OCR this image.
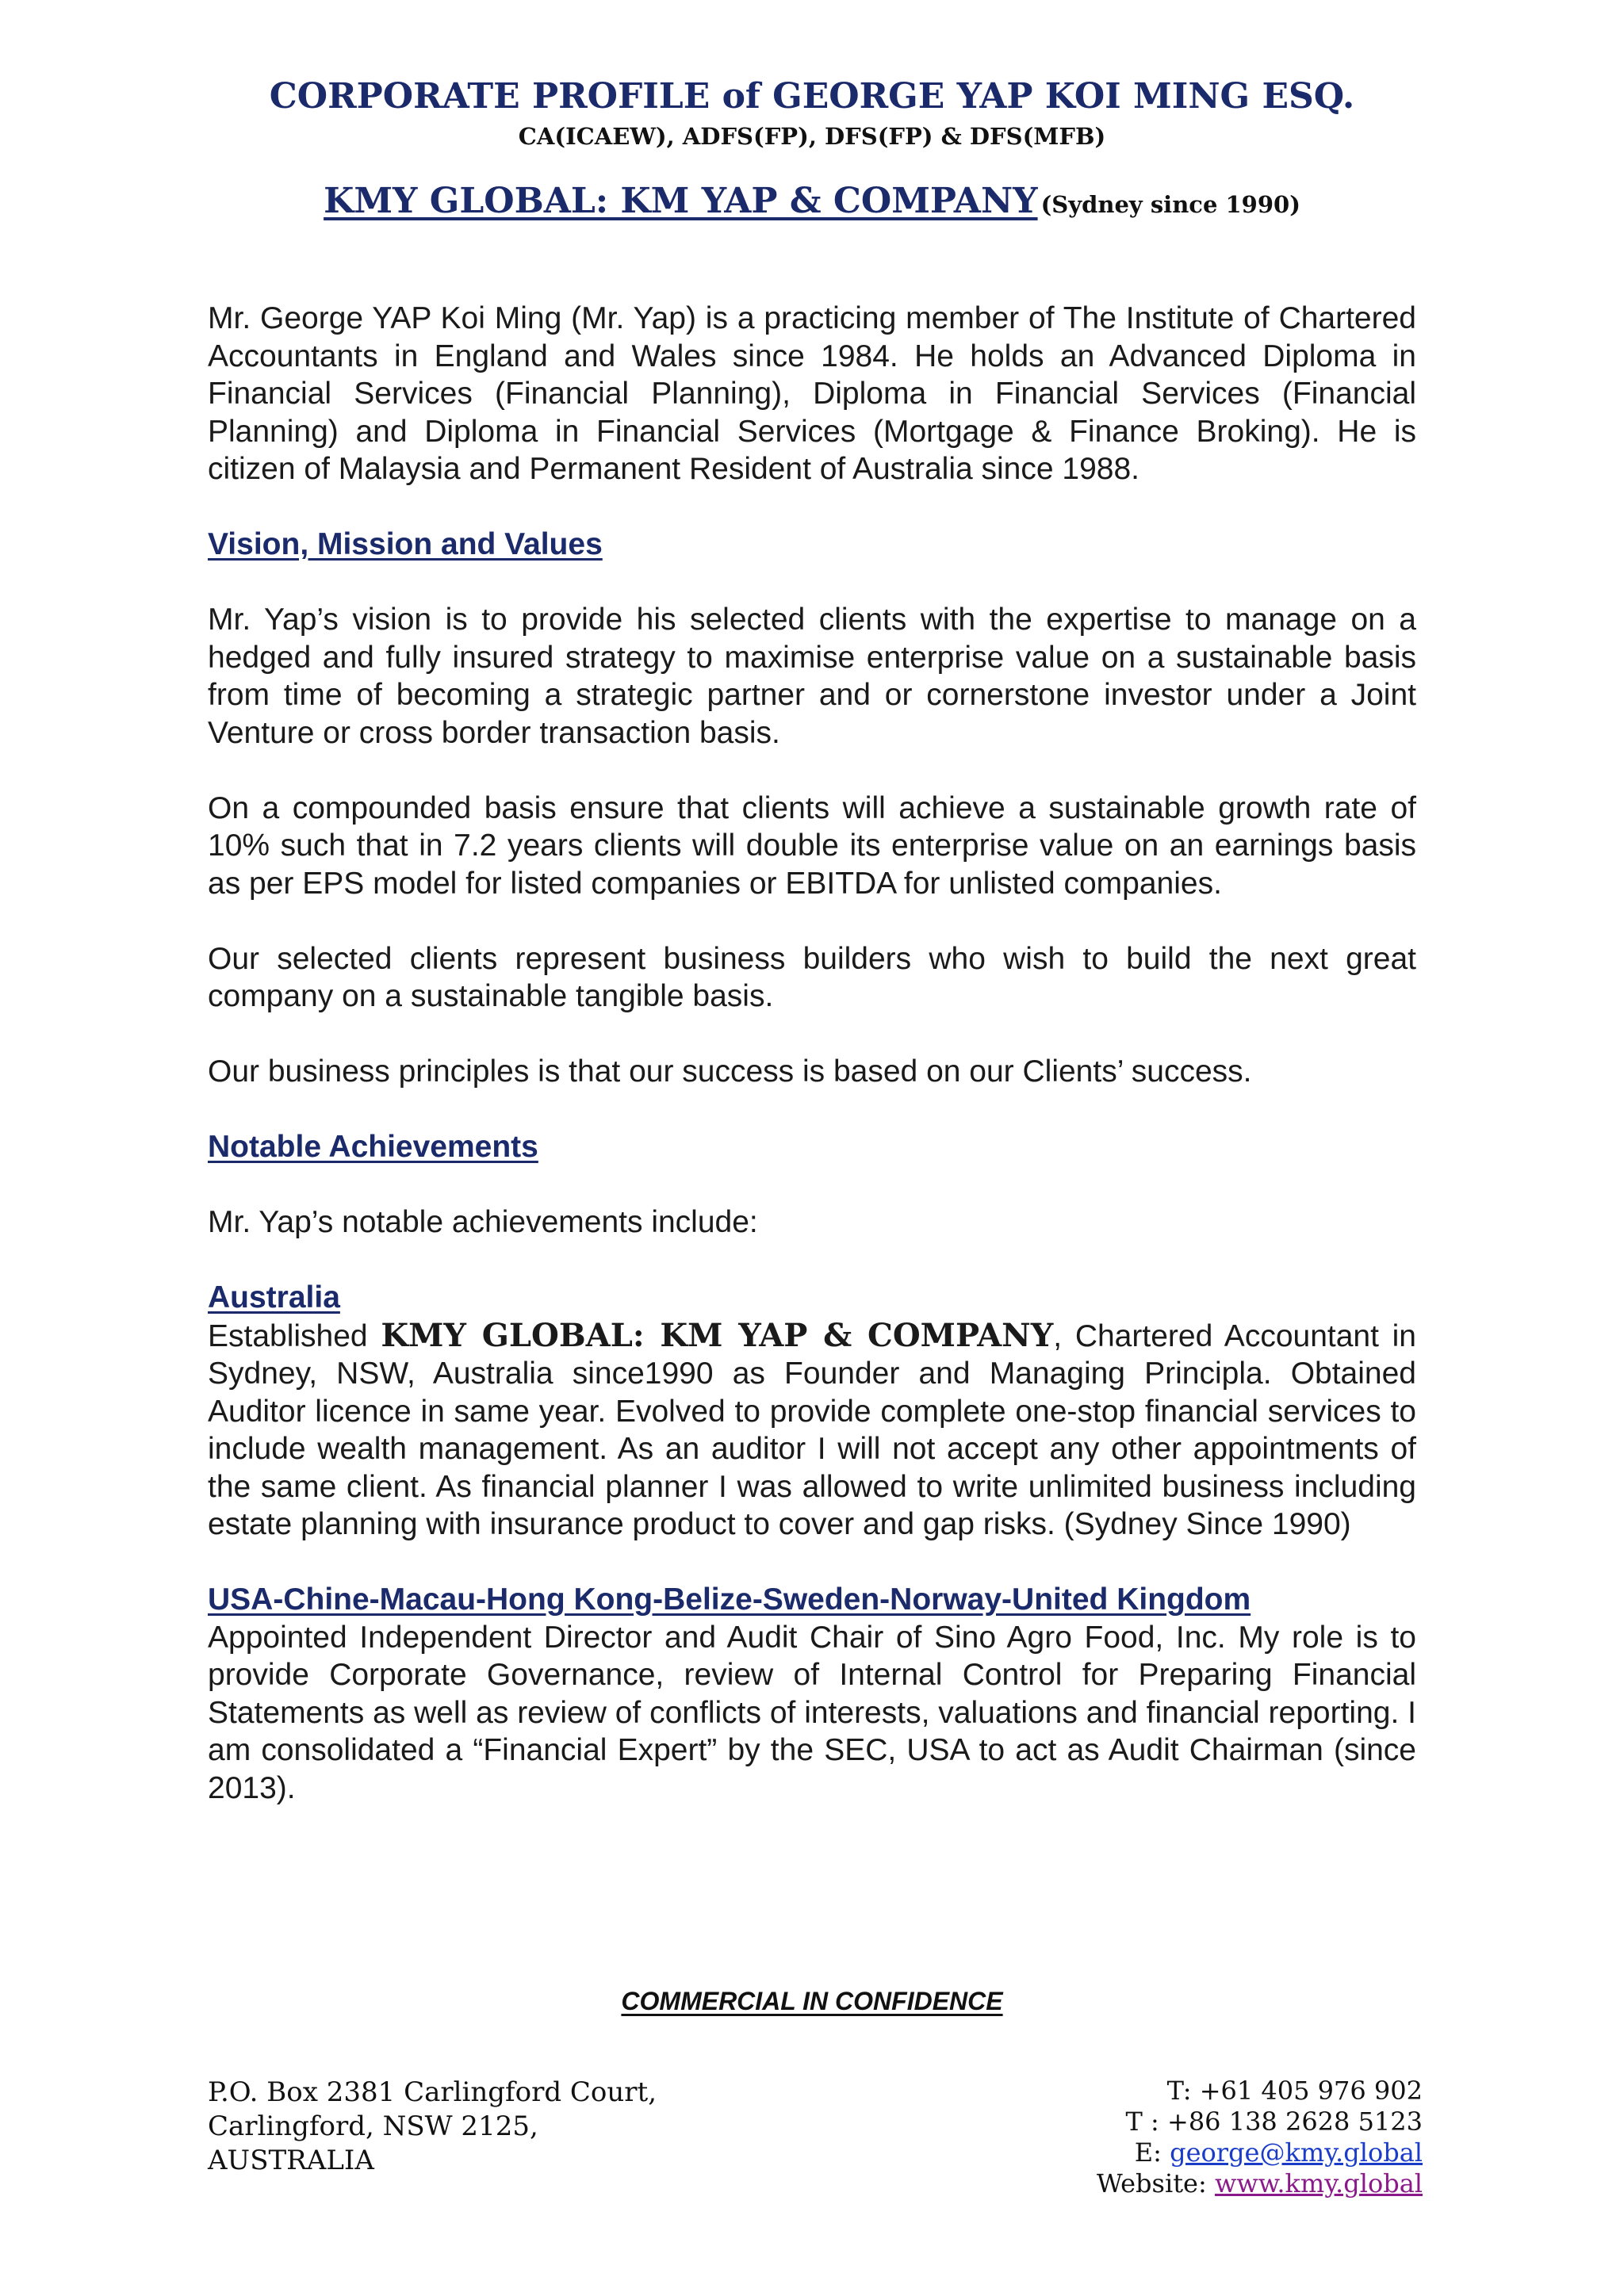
CORPORATE PROFILE of GEORGE YAP KOI MING ESQ.
CA(ICAEW), ADFS(FP), DFS(FP) & DFS(MFB)
KMY GLOBAL: KM YAP & COMPANY (Sydney since 1990)

Mr. George YAP Koi Ming (Mr. Yap) is a practicing member of The Institute of Chartered Accountants in England and Wales since 1984. He holds an Advanced Diploma in Financial Services (Financial Planning), Diploma in Financial Services (Financial Planning) and Diploma in Financial Services (Mortgage & Finance Broking). He is citizen of Malaysia and Permanent Resident of Australia since 1988.

Vision, Mission and Values

Mr. Yap’s vision is to provide his selected clients with the expertise to manage on a hedged and fully insured strategy to maximise enterprise value on a sustainable basis from time of becoming a strategic partner and or cornerstone investor under a Joint Venture or cross border transaction basis.

On a compounded basis ensure that clients will achieve a sustainable growth rate of 10% such that in 7.2 years clients will double its enterprise value on an earnings basis as per EPS model for listed companies or EBITDA for unlisted companies.

Our selected clients represent business builders who wish to build the next great company on a sustainable tangible basis.

Our business principles is that our success is based on our Clients’ success.

Notable Achievements

Mr. Yap’s notable achievements include:

Australia

Established KMY GLOBAL: KM YAP & COMPANY, Chartered Accountant in Sydney, NSW, Australia since1990 as Founder and Managing Principla. Obtained Auditor licence in same year. Evolved to provide complete one-stop financial services to include wealth management. As an auditor I will not accept any other appointments of the same client. As financial planner I was allowed to write unlimited business including estate planning with insurance product to cover and gap risks. (Sydney Since 1990)

USA-Chine-Macau-Hong Kong-Belize-Sweden-Norway-United Kingdom

Appointed Independent Director and Audit Chair of Sino Agro Food, Inc. My role is to provide Corporate Governance, review of Internal Control for Preparing Financial Statements as well as review of conflicts of interests, valuations and financial reporting. I am consolidated a “Financial Expert” by the SEC, USA to act as Audit Chairman (since 2013).

COMMERCIAL IN CONFIDENCE
P.O. Box 2381 Carlingford Court,
Carlingford, NSW 2125,
AUSTRALIA
T: +61 405 976 902
T : +86 138 2628 5123
E: george@kmy.global
Website: www.kmy.global
